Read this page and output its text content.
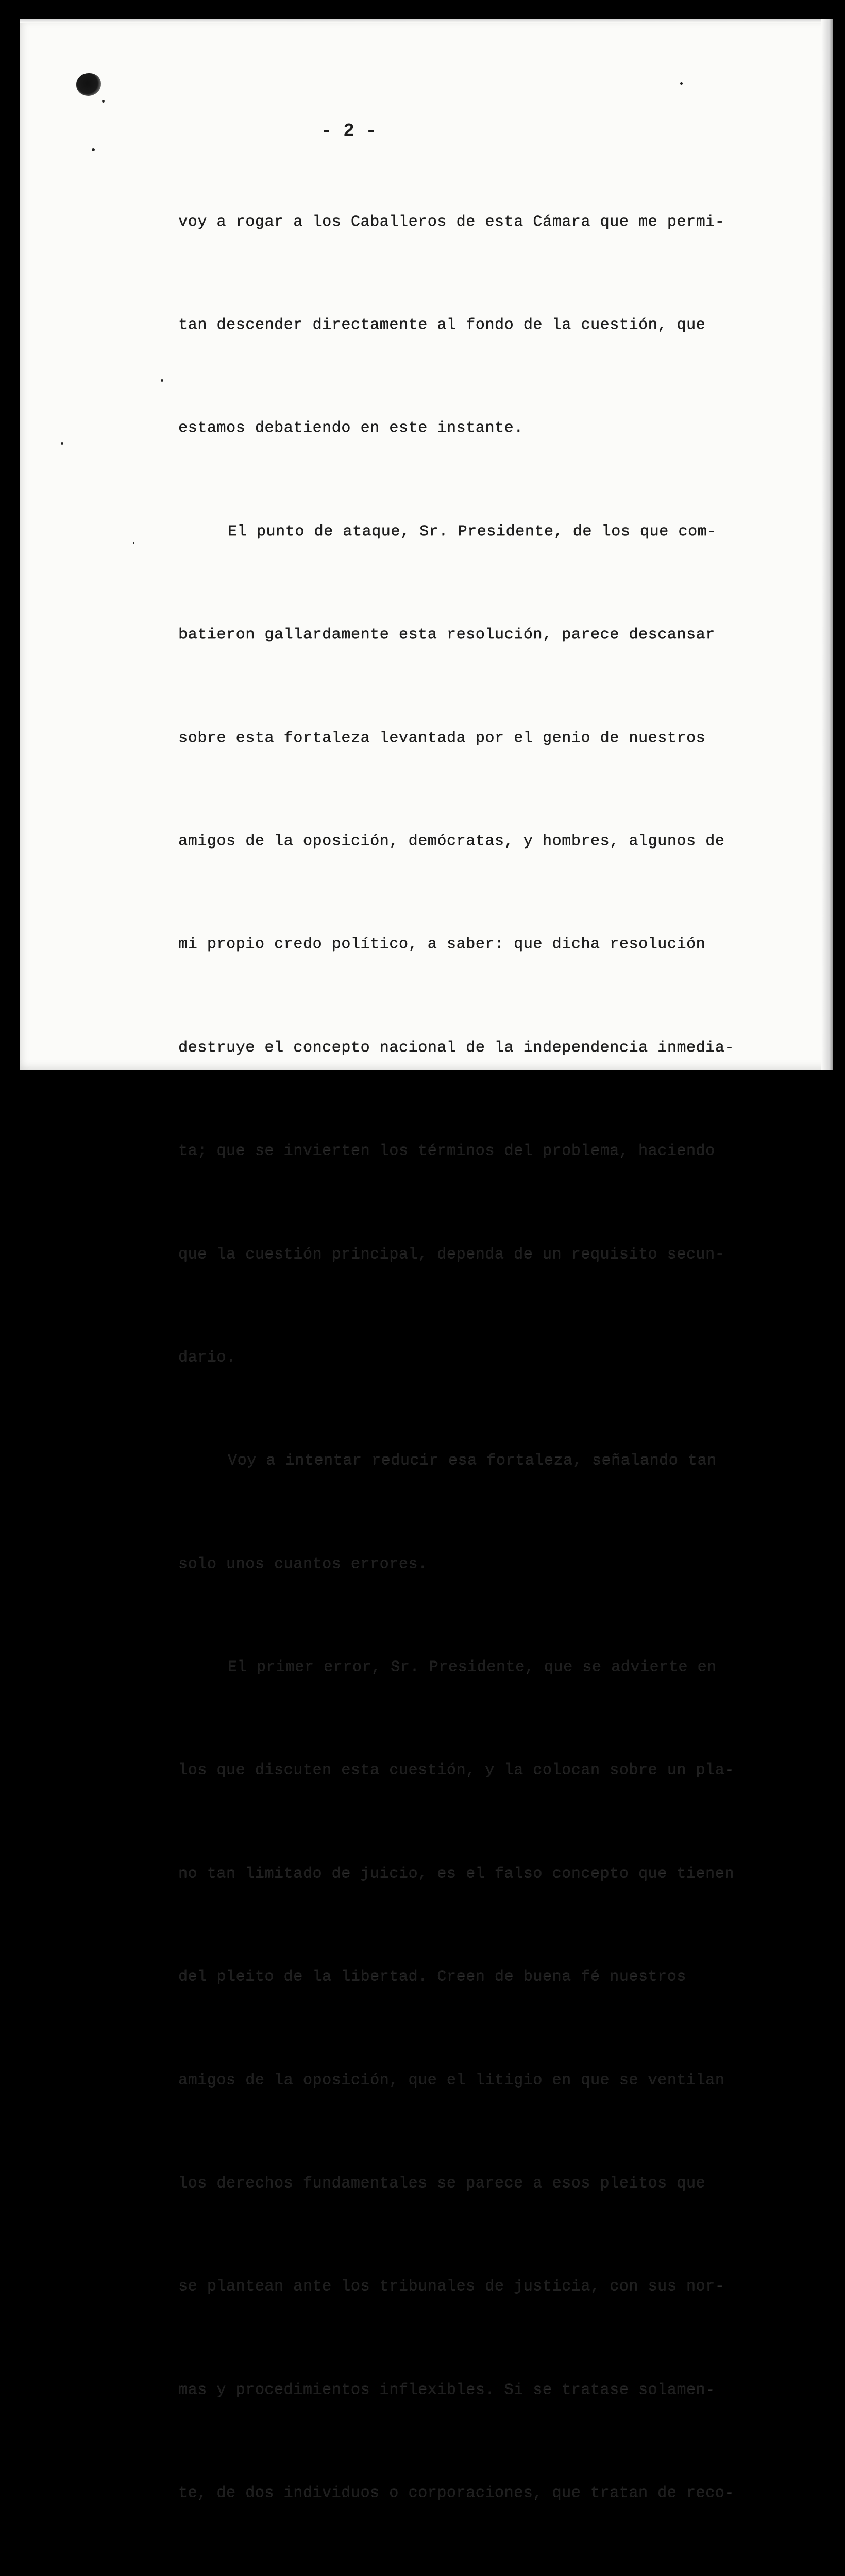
- 2 -

voy a rogar a los Caballeros de esta Cámara que me permi-

tan descender directamente al fondo de la cuestión, que

estamos debatiendo en este instante.

El punto de ataque, Sr. Presidente, de los que com-

batieron gallardamente esta resolución, parece descansar

sobre esta fortaleza levantada por el genio de nuestros

amigos de la oposición, demócratas, y hombres, algunos de

mi propio credo político, a saber: que dicha resolución

destruye el concepto nacional de la independencia inmedia-

ta; que se invierten los términos del problema, haciendo

que la cuestión principal, dependa de un requisito secun-

dario.

Voy a intentar reducir esa fortaleza, señalando tan

solo unos cuantos errores.

El primer error, Sr. Presidente, que se advierte en

los que discuten esta cuestión, y la colocan sobre un pla-

no tan limitado de juicio, es el falso concepto que tienen

del pleito de la libertad. Creen de buena fé nuestros

amigos de la oposición, que el litigio en que se ventilan

los derechos fundamentales se parece a esos pleitos que

se plantean ante los tribunales de justicia, con sus nor-

mas y procedimientos inflexibles. Si se tratase solamen-

te, de dos individuos o corporaciones, que tratan de reco-
